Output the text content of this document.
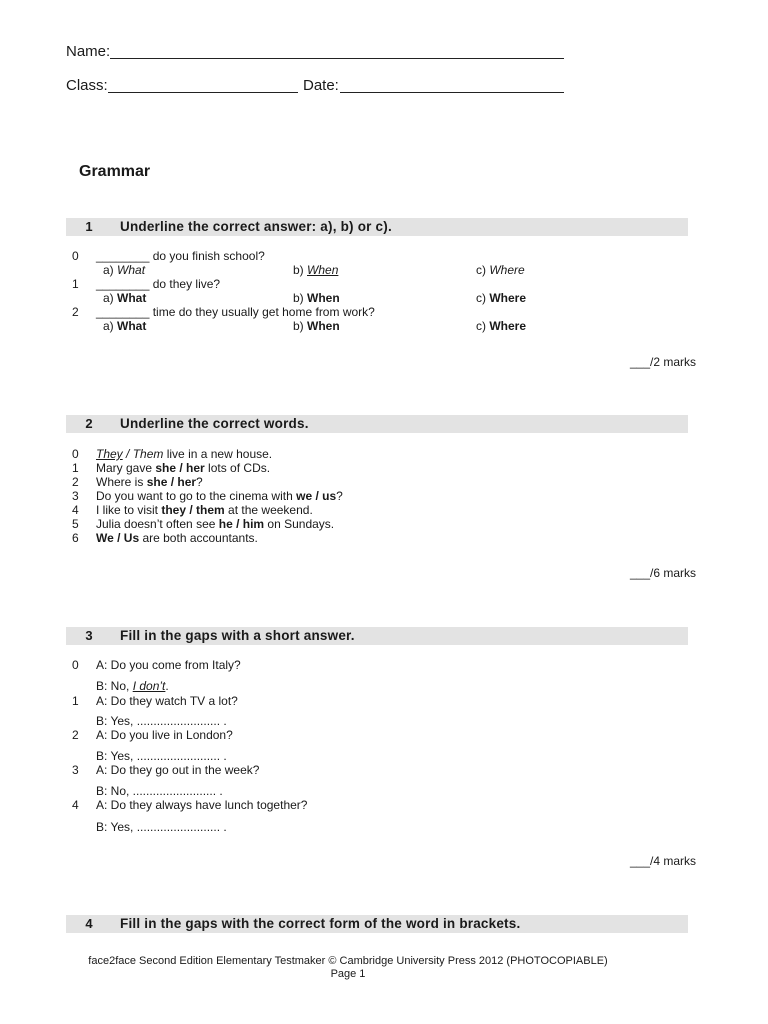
Name:
Class:	Date:
Grammar
1	Underline the correct answer: a), b) or c).
0	________ do you finish school?
a) What	b) When	c) Where
1	________ do they live?
a) What	b) When	c) Where
2	________ time do they usually get home from work?
a) What	b) When	c) Where
___/2 marks
2	Underline the correct words.
0	They / Them live in a new house.
1	Mary gave she / her lots of CDs.
2	Where is she / her?
3	Do you want to go to the cinema with we / us?
4	I like to visit they / them at the weekend.
5	Julia doesn’t often see he / him on Sundays.
6	We / Us are both accountants.
___/6 marks
3	Fill in the gaps with a short answer.
0	A: Do you come from Italy?
B: No, I don’t.
1	A: Do they watch TV a lot?
B: Yes, ......................... .
2	A: Do you live in London?
B: Yes, ......................... .
3	A: Do they go out in the week?
B: No, ......................... .
4	A: Do they always have lunch together?
B: Yes, ......................... .
___/4 marks
4	Fill in the gaps with the correct form of the word in brackets.
face2face Second Edition Elementary Testmaker © Cambridge University Press 2012 (PHOTOCOPIABLE)
Page 1
